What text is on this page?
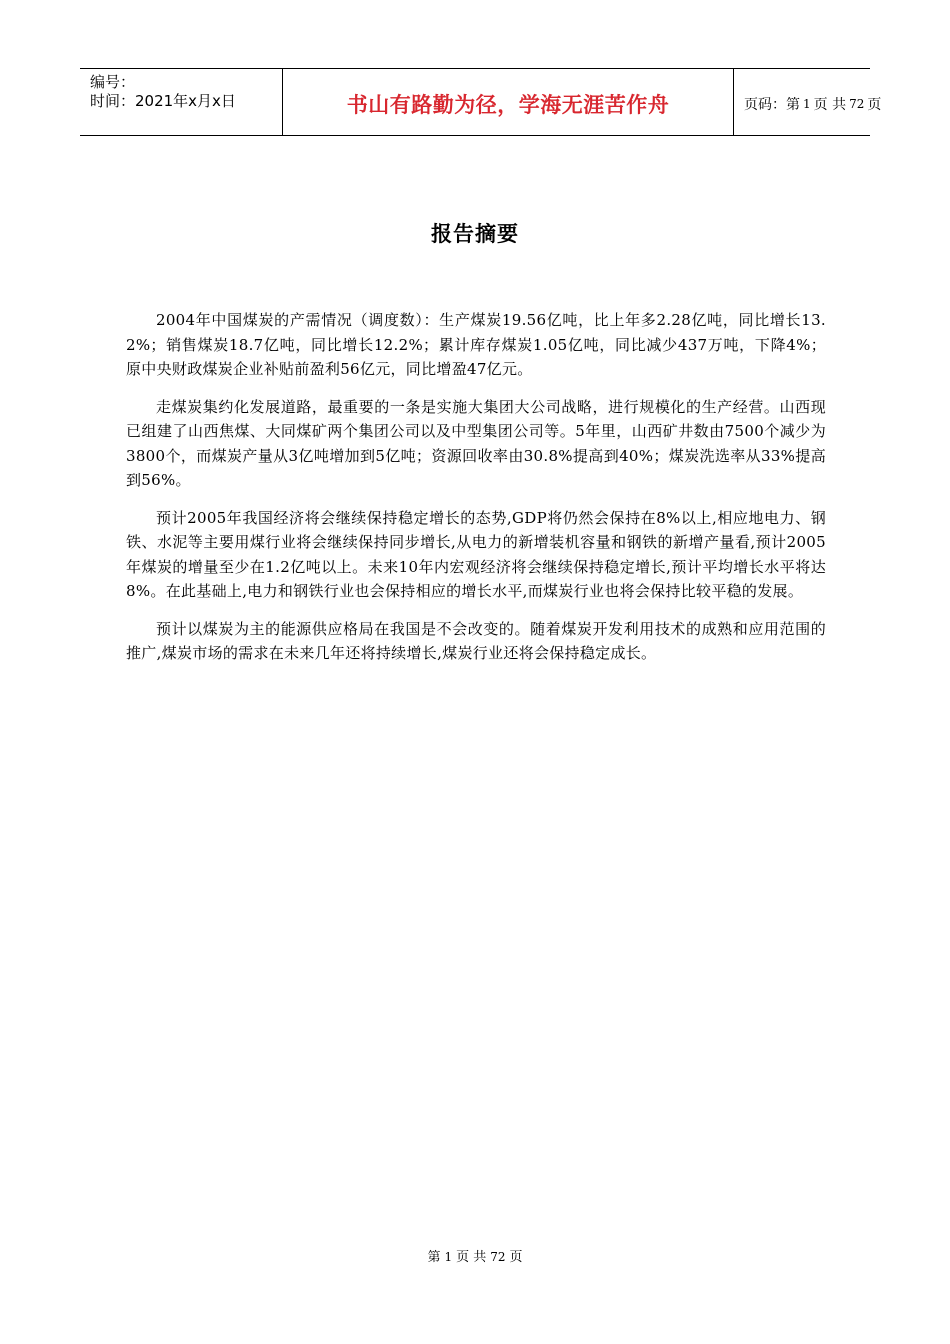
编号：
时间：2021年x月x日	书山有路勤为径，学海无涯苦作舟	页码：第 1 页 共 72 页
报告摘要

2004年中国煤炭的产需情况（调度数）：生产煤炭19.56亿吨，比上年多2.28亿吨，同比增长13.2%；销售煤炭18.7亿吨，同比增长12.2%；累计库存煤炭1.05亿吨，同比减少437万吨，下降4%；原中央财政煤炭企业补贴前盈利56亿元，同比增盈47亿元。

走煤炭集约化发展道路，最重要的一条是实施大集团大公司战略，进行规模化的生产经营。山西现已组建了山西焦煤、大同煤矿两个集团公司以及中型集团公司等。5年里，山西矿井数由7500个减少为3800个，而煤炭产量从3亿吨增加到5亿吨；资源回收率由30.8%提高到40%；煤炭洗选率从33%提高到56%。

预计2005年我国经济将会继续保持稳定增长的态势,GDP将仍然会保持在8%以上,相应地电力、钢铁、水泥等主要用煤行业将会继续保持同步增长,从电力的新增装机容量和钢铁的新增产量看,预计2005年煤炭的增量至少在1.2亿吨以上。未来10年内宏观经济将会继续保持稳定增长,预计平均增长水平将达8%。在此基础上,电力和钢铁行业也会保持相应的增长水平,而煤炭行业也将会保持比较平稳的发展。

预计以煤炭为主的能源供应格局在我国是不会改变的。随着煤炭开发利用技术的成熟和应用范围的推广,煤炭市场的需求在未来几年还将持续增长,煤炭行业还将会保持稳定成长。

第 1 页 共 72 页
